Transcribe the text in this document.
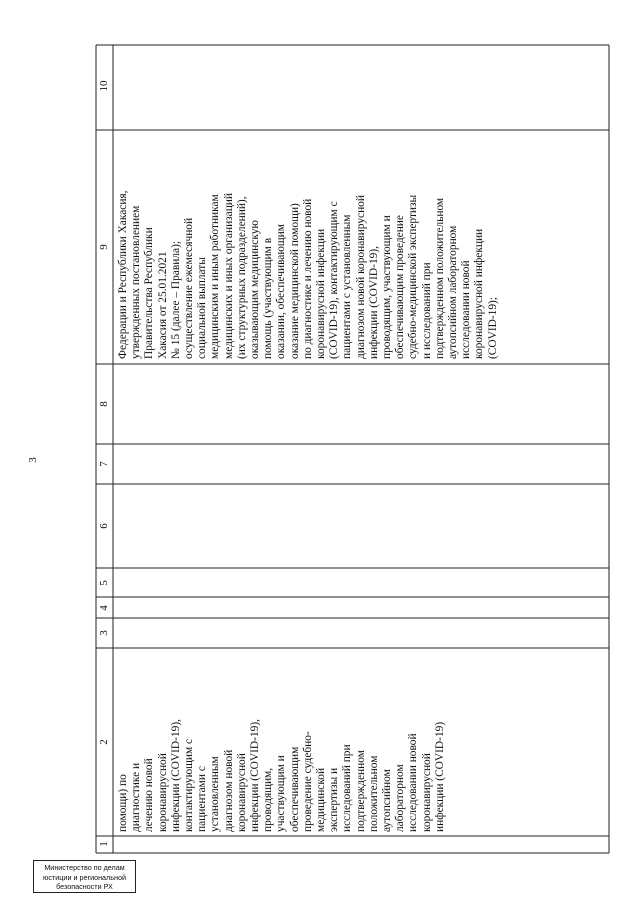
3
1
2
3
4
5
6
7
8
9
10
помощи) по диагностике и лечению новой коронавирусной инфекции (COVID-19), контактирующим с пациентами с установленным диагнозом новой коронавирусной инфекции (COVID-19), проводящим, участвующим и обеспечивающим проведение судебно- медицинской экспертизы и исследований при подтвержденном положительном аутопсийном лабораторном исследовании новой коронавирусной инфекции (COVID-19)
Федерации и Республики Хакасия, утвержденных постановлением Правительства Республики Хакасия от 25.01.2021 № 15 (далее – Правила); осуществление ежемесячной социальной выплаты медицинским и иным работникам медицинских и иных организаций (их структурных подразделений), оказывающим медицинскую помощь (участвующим в оказании, обеспечивающим оказание медицинской помощи) по диагностике и лечению новой коронавирусной инфекции (COVID-19), контактирующим с пациентами с установленным диагнозом новой коронавирусной инфекции (COVID-19), проводящим, участвующим и обеспечивающим проведение судебно-медицинской экспертизы и исследований при подтвержденном положительном аутопсийном лабораторном исследовании новой коронавирусной инфекции (COVID-19);
Министерство по делам
юстиции и региональной
безопасности РХ
